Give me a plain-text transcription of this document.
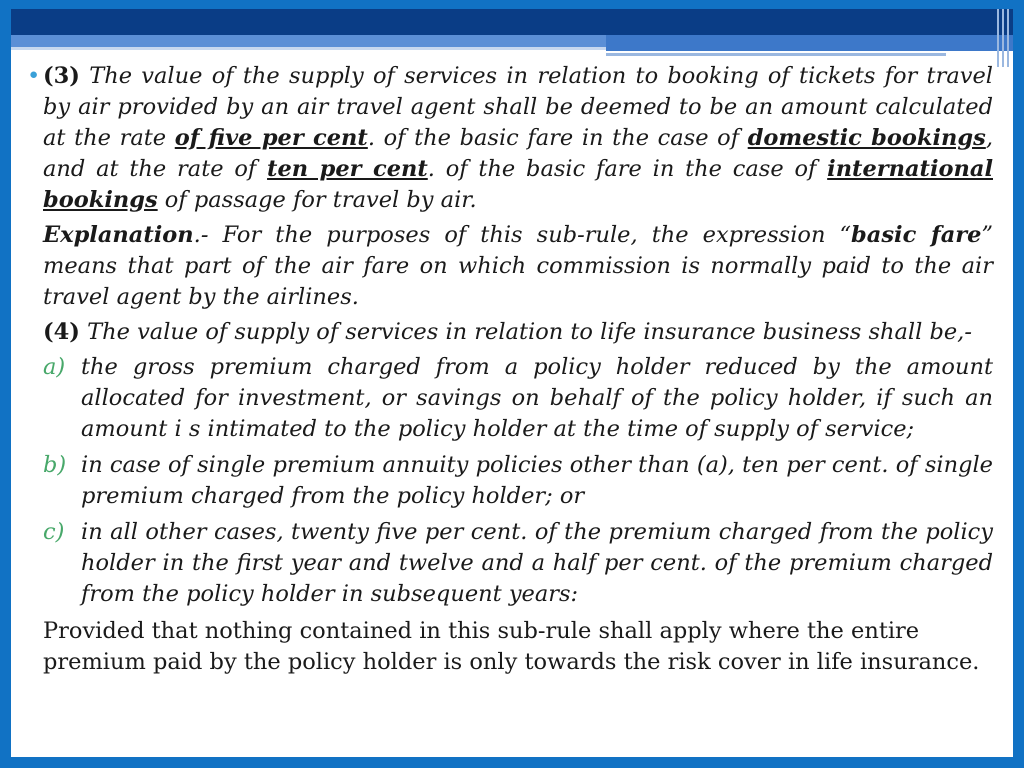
• (3) The value of the supply of services in relation to booking of tickets for travel by air provided by an air travel agent shall be deemed to be an amount calculated at the rate of five per cent. of the basic fare in the case of domestic bookings, and at the rate of ten per cent. of the basic fare in the case of international bookings of passage for travel by air.

Explanation.- For the purposes of this sub-rule, the expression “basic fare” means that part of the air fare on which commission is normally paid to the air travel agent by the airlines.

(4) The value of supply of services in relation to life insurance business shall be,-

a) the gross premium charged from a policy holder reduced by the amount allocated for investment, or savings on behalf of the policy holder, if such an amount i s intimated to the policy holder at the time of supply of service;
b) in case of single premium annuity policies other than (a), ten per cent. of single premium charged from the policy holder; or
c) in all other cases, twenty five per cent. of the premium charged from the policy holder in the first year and twelve and a half per cent. of the premium charged from the policy holder in subsequent years:

Provided that nothing contained in this sub-rule shall apply where the entire premium paid by the policy holder is only towards the risk cover in life insurance.
